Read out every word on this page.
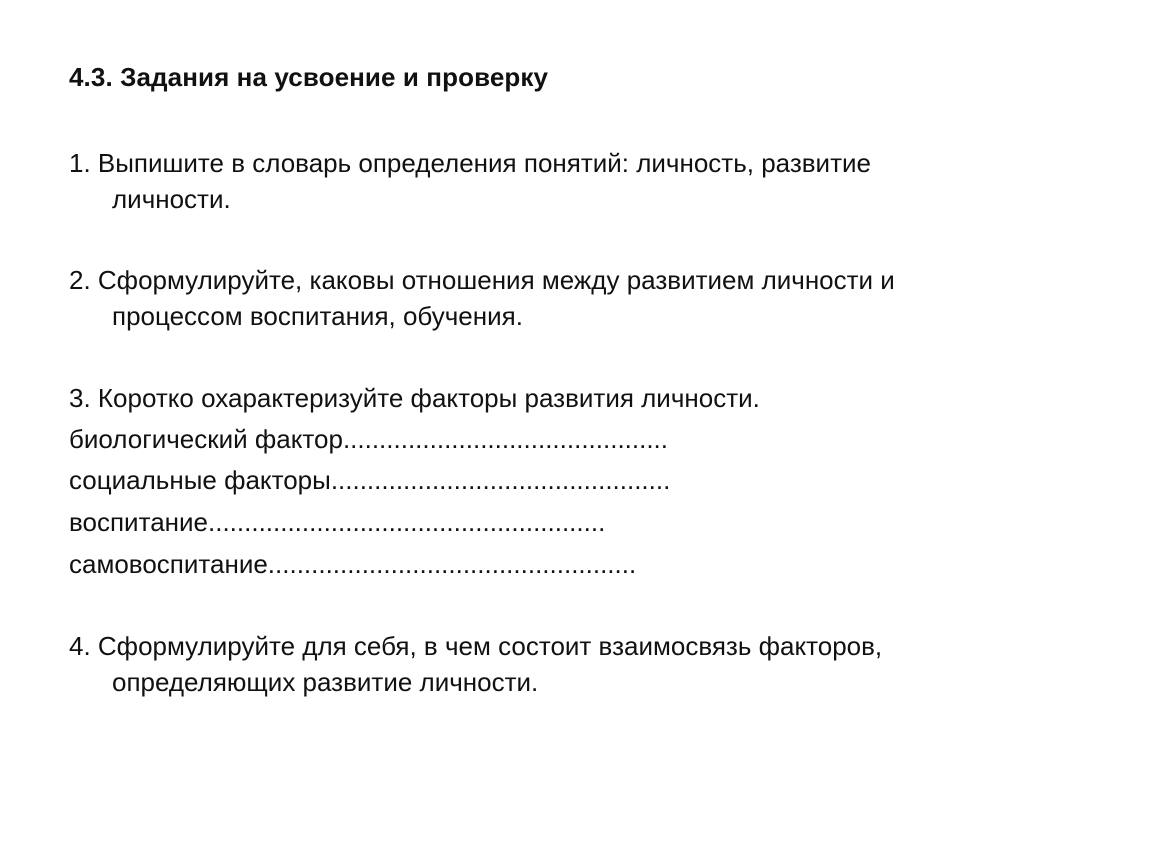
4.3. Задания на усвоение и проверку
1. Выпишите в словарь определения понятий: личность, развитие
личности.
2. Сформулируйте, каковы отношения между развитием личности и
процессом воспитания, обучения.
3. Коротко охарактеризуйте факторы развития личности.
биологический фактор.............................................
социальные факторы...............................................
воспитание.......................................................
самовоспитание...................................................
4. Сформулируйте для себя, в чем состоит взаимосвязь факторов,
определяющих развитие личности.
